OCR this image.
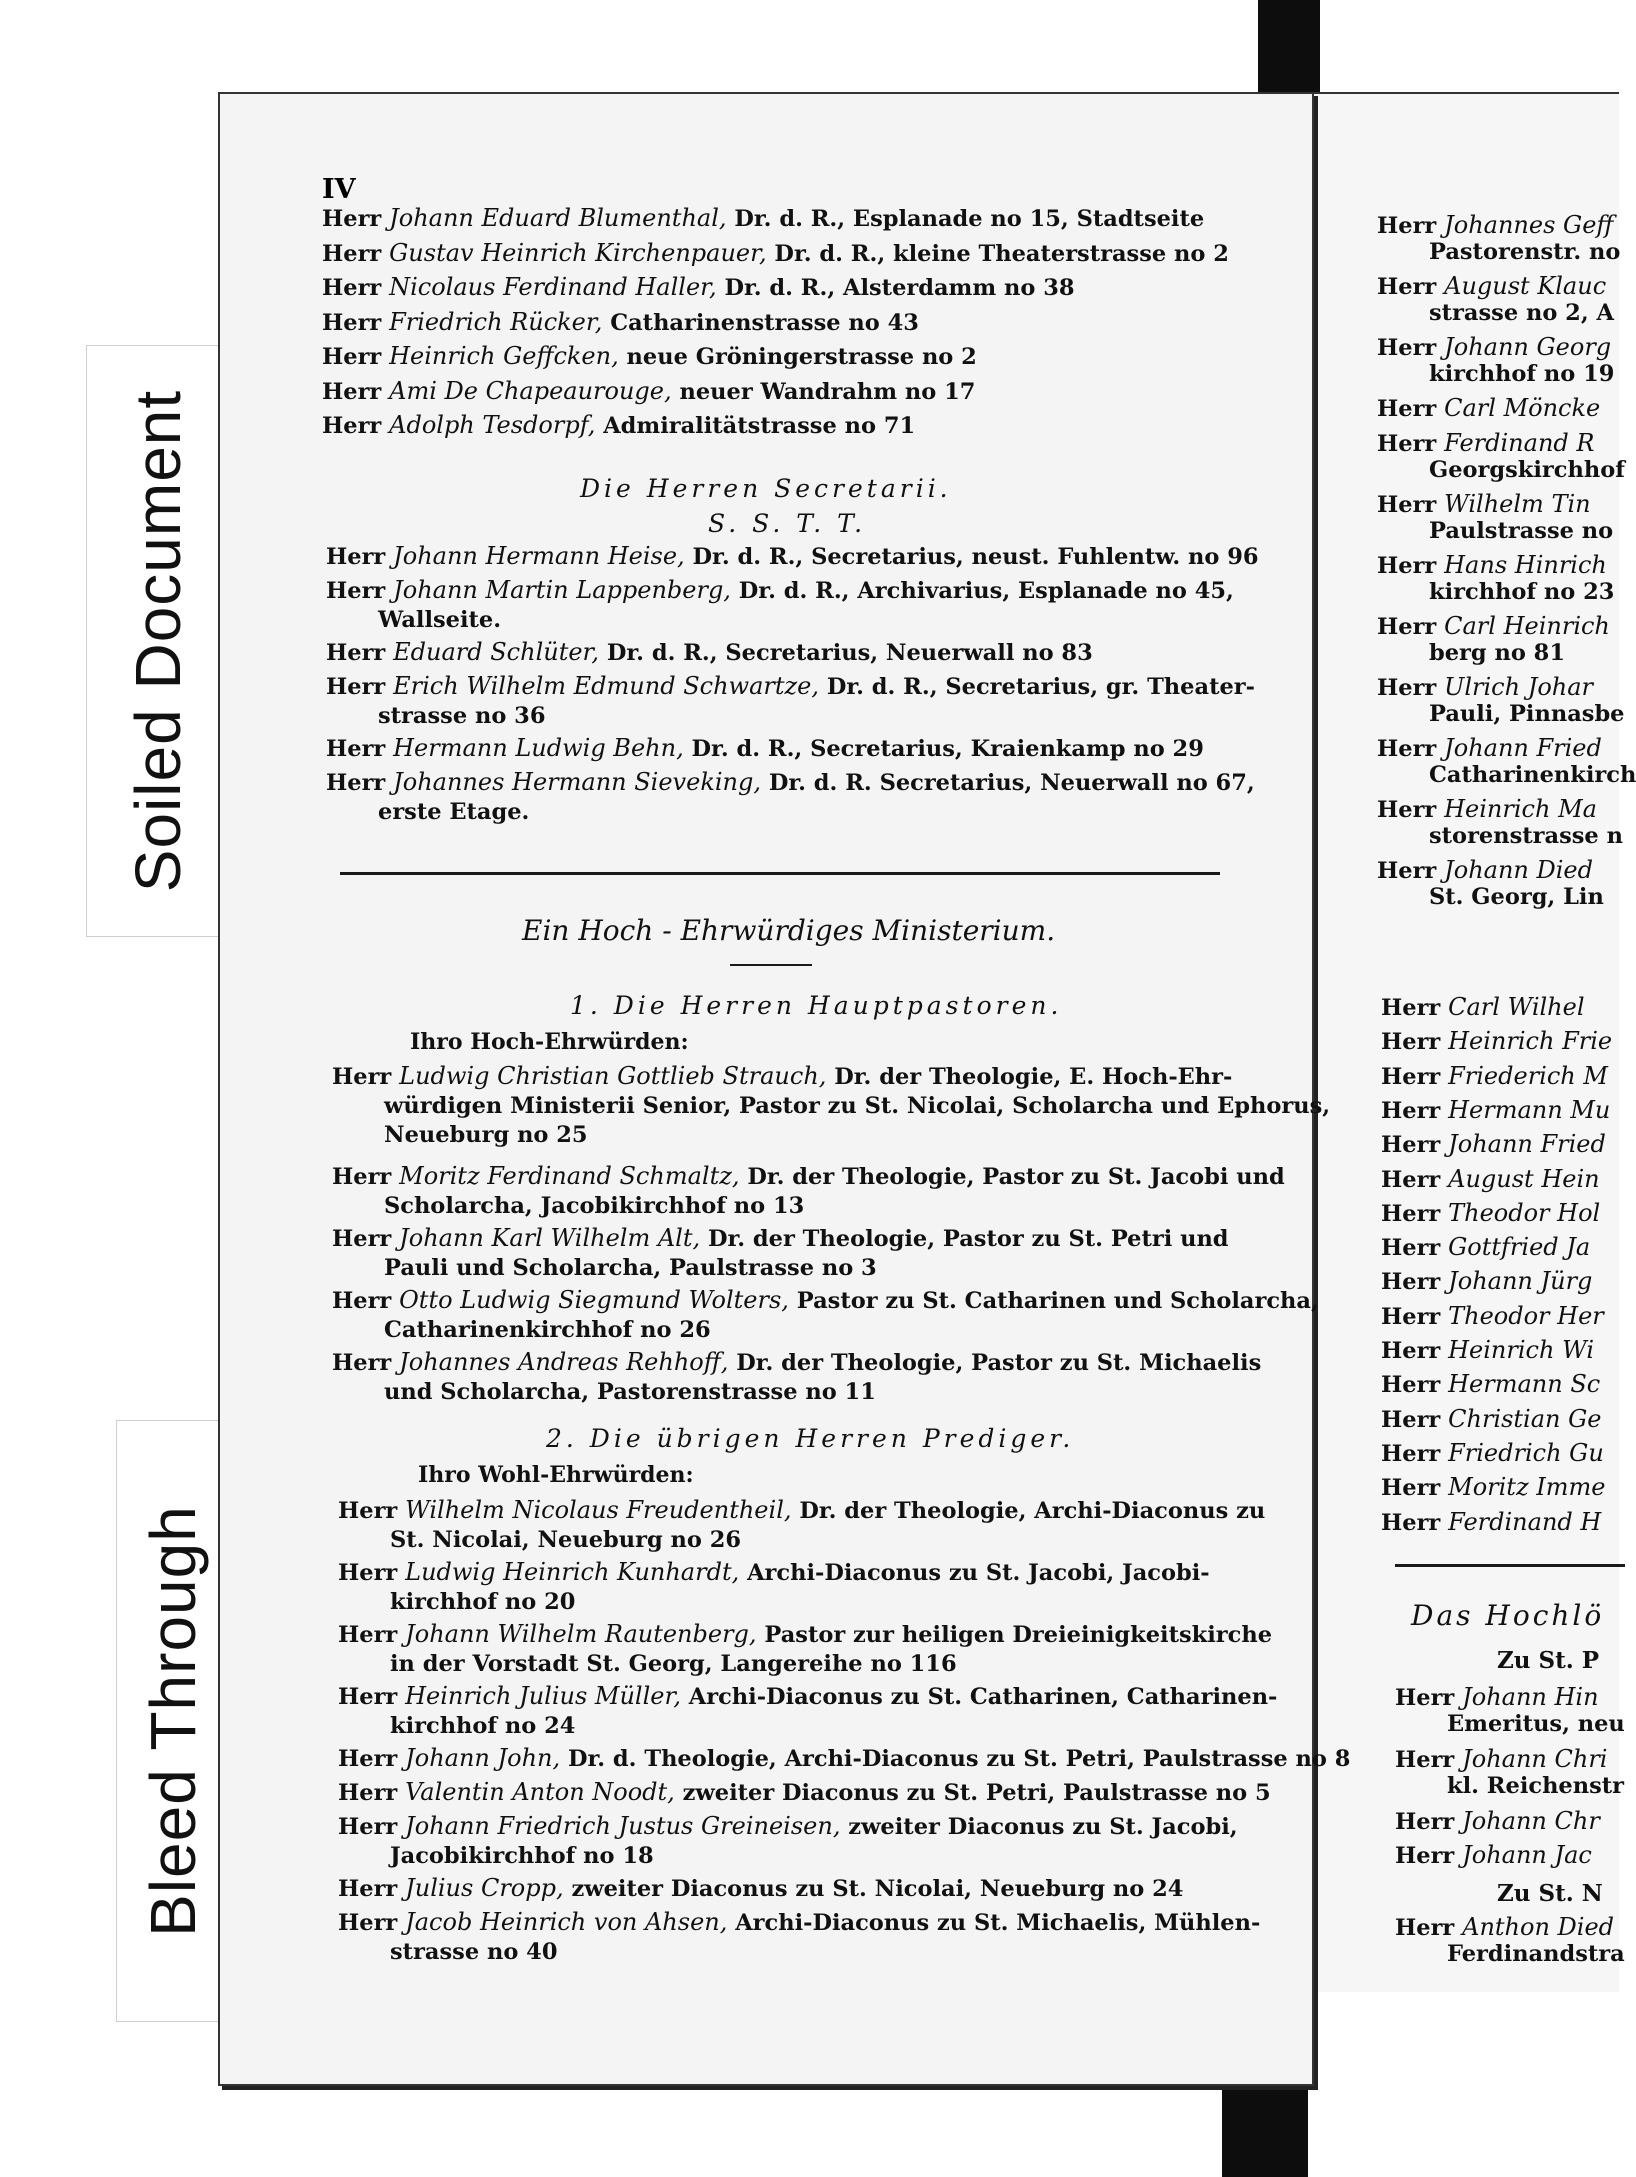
Soiled Document
Bleed Through
Herr Johannes Geff
Pastorenstr. no
Herr August Klauc
strasse no 2, A
Herr Johann Georg
kirchhof no 19
Herr Carl Möncke
Herr Ferdinand R
Georgskirchhof
Herr Wilhelm Tin
Paulstrasse no
Herr Hans Hinrich
kirchhof no 23
Herr Carl Heinrich
berg no 81
Herr Ulrich Johar
Pauli, Pinnasbe
Herr Johann Fried
Catharinenkirch
Herr Heinrich Ma
storenstrasse n
Herr Johann Died
St. Georg, Lin
Herr Carl Wilhel
Herr Heinrich Frie
Herr Friederich M
Herr Hermann Mu
Herr Johann Fried
Herr August Hein
Herr Theodor Hol
Herr Gottfried Ja
Herr Johann Jürg
Herr Theodor Her
Herr Heinrich Wi
Herr Hermann Sc
Herr Christian Ge
Herr Friedrich Gu
Herr Moritz Imme
Herr Ferdinand H
Das Hochlö
Zu St. P
Herr Johann Hin
Emeritus, neu
Herr Johann Chri
kl. Reichenstr
Herr Johann Chr
Herr Johann Jac
Zu St. N
Herr Anthon Died
Ferdinandstra
IV
Herr Johann Eduard Blumenthal, Dr. d. R., Esplanade no 15, Stadtseite
Herr Gustav Heinrich Kirchenpauer, Dr. d. R., kleine Theaterstrasse no 2
Herr Nicolaus Ferdinand Haller, Dr. d. R., Alsterdamm no 38
Herr Friedrich Rücker, Catharinenstrasse no 43
Herr Heinrich Geffcken, neue Gröningerstrasse no 2
Herr Ami De Chapeaurouge, neuer Wandrahm no 17
Herr Adolph Tesdorpf, Admiralitätstrasse no 71
Die Herren Secretarii.
S. S. T. T.
Herr Johann Hermann Heise, Dr. d. R., Secretarius, neust. Fuhlentw. no 96
Herr Johann Martin Lappenberg, Dr. d. R., Archivarius, Esplanade no 45,
Wallseite.
Herr Eduard Schlüter, Dr. d. R., Secretarius, Neuerwall no 83
Herr Erich Wilhelm Edmund Schwartze, Dr. d. R., Secretarius, gr. Theater-
strasse no 36
Herr Hermann Ludwig Behn, Dr. d. R., Secretarius, Kraienkamp no 29
Herr Johannes Hermann Sieveking, Dr. d. R. Secretarius, Neuerwall no 67,
erste Etage.
Ein Hoch - Ehrwürdiges Ministerium.
1. Die Herren Hauptpastoren.
Ihro Hoch-Ehrwürden:
Herr Ludwig Christian Gottlieb Strauch, Dr. der Theologie, E. Hoch-Ehr-
würdigen Ministerii Senior, Pastor zu St. Nicolai, Scholarcha und Ephorus,
Neueburg no 25
Herr Moritz Ferdinand Schmaltz, Dr. der Theologie, Pastor zu St. Jacobi und
Scholarcha, Jacobikirchhof no 13
Herr Johann Karl Wilhelm Alt, Dr. der Theologie, Pastor zu St. Petri und
Pauli und Scholarcha, Paulstrasse no 3
Herr Otto Ludwig Siegmund Wolters, Pastor zu St. Catharinen und Scholarcha,
Catharinenkirchhof no 26
Herr Johannes Andreas Rehhoff, Dr. der Theologie, Pastor zu St. Michaelis
und Scholarcha, Pastorenstrasse no 11
2. Die übrigen Herren Prediger.
Ihro Wohl-Ehrwürden:
Herr Wilhelm Nicolaus Freudentheil, Dr. der Theologie, Archi-Diaconus zu
St. Nicolai, Neueburg no 26
Herr Ludwig Heinrich Kunhardt, Archi-Diaconus zu St. Jacobi, Jacobi-
kirchhof no 20
Herr Johann Wilhelm Rautenberg, Pastor zur heiligen Dreieinigkeitskirche
in der Vorstadt St. Georg, Langereihe no 116
Herr Heinrich Julius Müller, Archi-Diaconus zu St. Catharinen, Catharinen-
kirchhof no 24
Herr Johann John, Dr. d. Theologie, Archi-Diaconus zu St. Petri, Paulstrasse no 8
Herr Valentin Anton Noodt, zweiter Diaconus zu St. Petri, Paulstrasse no 5
Herr Johann Friedrich Justus Greineisen, zweiter Diaconus zu St. Jacobi,
Jacobikirchhof no 18
Herr Julius Cropp, zweiter Diaconus zu St. Nicolai, Neueburg no 24
Herr Jacob Heinrich von Ahsen, Archi-Diaconus zu St. Michaelis, Mühlen-
strasse no 40
